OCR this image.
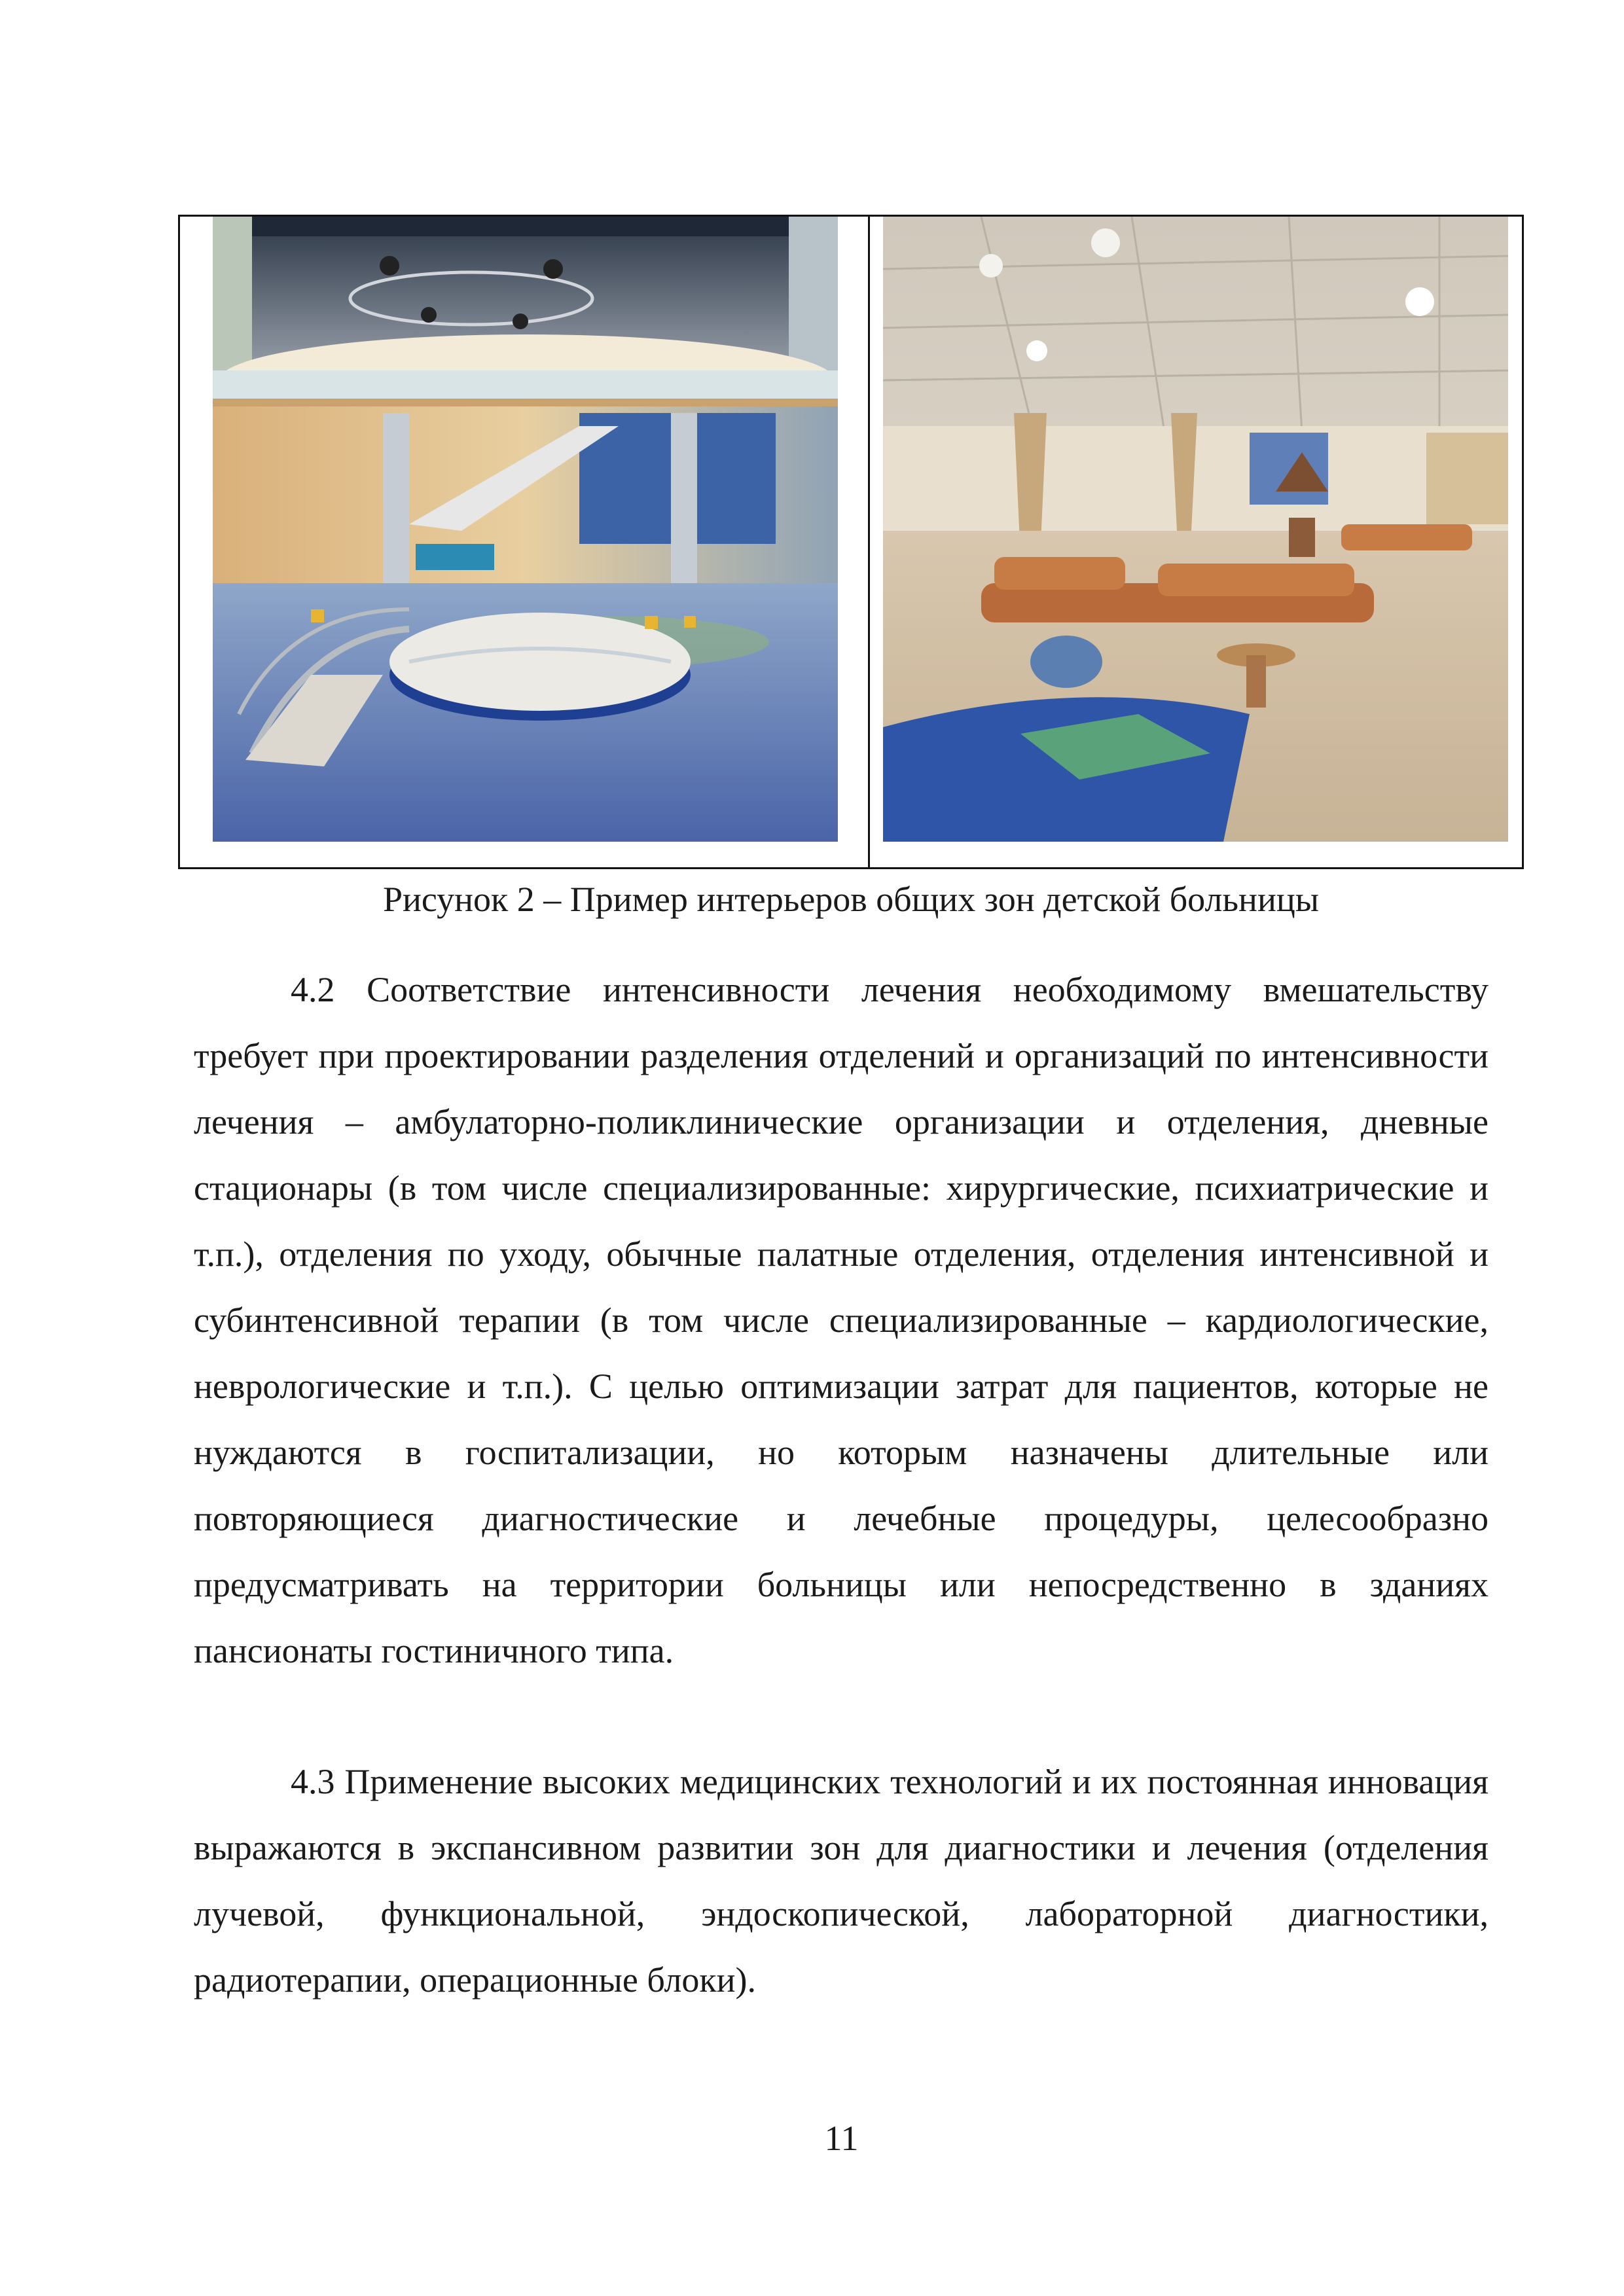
Рисунок 2 – Пример интерьеров общих зон детской больницы

4.2 Соответствие интенсивности лечения необходимому вмешательству требует при проектировании разделения отделений и организаций по интенсивности лечения – амбулаторно-поликлинические организации и отделения, дневные стационары (в том числе специализированные: хирургические, психиатрические и т.п.), отделения по уходу, обычные палатные отделения, отделения интенсивной и субинтенсивной терапии (в том числе специализированные – кардиологические, неврологические и т.п.). С целью оптимизации затрат для пациентов, которые не нуждаются в госпитализации, но которым назначены длительные или повторяющиеся диагностические и лечебные процедуры, целесообразно предусматривать на территории больницы или непосредственно в зданиях пансионаты гостиничного типа.

4.3 Применение высоких медицинских технологий и их постоянная инновация выражаются в экспансивном развитии зон для диагностики и лечения (отделения лучевой, функциональной, эндоскопической, лабораторной диагностики, радиотерапии, операционные блоки).

11
